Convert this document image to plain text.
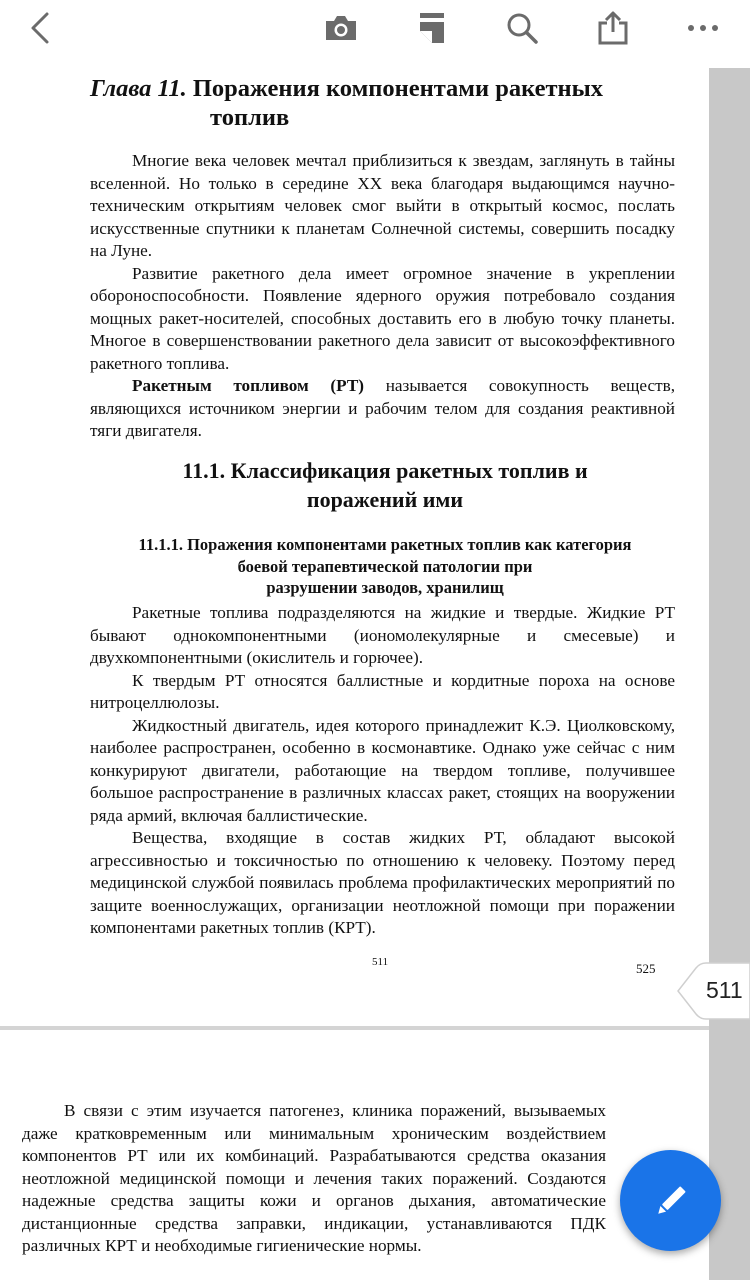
Глава 11. Поражения компонентами ракетных
топлив

Многие века человек мечтал приблизиться к звездам, заглянуть в тайны вселенной. Но только в середине XX века благодаря выдающимся научно-техническим открытиям человек смог выйти в открытый космос, послать искусственные спутники к планетам Солнечной системы, совершить посадку на Луне.

Развитие ракетного дела имеет огромное значение в укреплении обороноспособности. Появление ядерного оружия потребовало создания мощных ракет-носителей, способных доставить его в любую точку планеты. Многое в совершенствовании ракетного дела зависит от высокоэффективного ракетного топлива.

Ракетным топливом (РТ) называется совокупность веществ, являющихся источником энергии и рабочим телом для создания реактивной тяги двигателя.

11.1. Классификация ракетных топлив и
поражений ими
11.1.1. Поражения компонентами ракетных топлив как категория
боевой терапевтической патологии при
разрушении заводов, хранилищ

Ракетные топлива подразделяются на жидкие и твердые. Жидкие РТ бывают однокомпонентными (иономолекулярные и смесевые) и двухкомпонентными (окислитель и горючее).

К твердым РТ относятся баллистные и кордитные пороха на основе нитроцеллюлозы.

Жидкостный двигатель, идея которого принадлежит К.Э. Циолковскому, наиболее распространен, особенно в космонавтике. Однако уже сейчас с ним конкурируют двигатели, работающие на твердом топливе, получившее большое распространение в различных классах ракет, стоящих на вооружении ряда армий, включая баллистические.

Вещества, входящие в состав жидких РТ, обладают высокой агрессивностью и токсичностью по отношению к человеку. Поэтому перед медицинской службой появилась проблема профилактических мероприятий по защите военнослужащих, организации неотложной помощи при поражении компонентами ракетных топлив (КРТ).

511	525

В связи с этим изучается патогенез, клиника поражений, вызываемых даже кратковременным или минимальным хроническим воздействием компонентов РТ или их комбинаций. Разрабатываются средства оказания неотложной медицинской помощи и лечения таких поражений. Создаются надежные средства защиты кожи и органов дыхания, автоматические дистанционные средства заправки, индикации, устанавливаются ПДК различных КРТ и необходимые гигиенические нормы.

511
